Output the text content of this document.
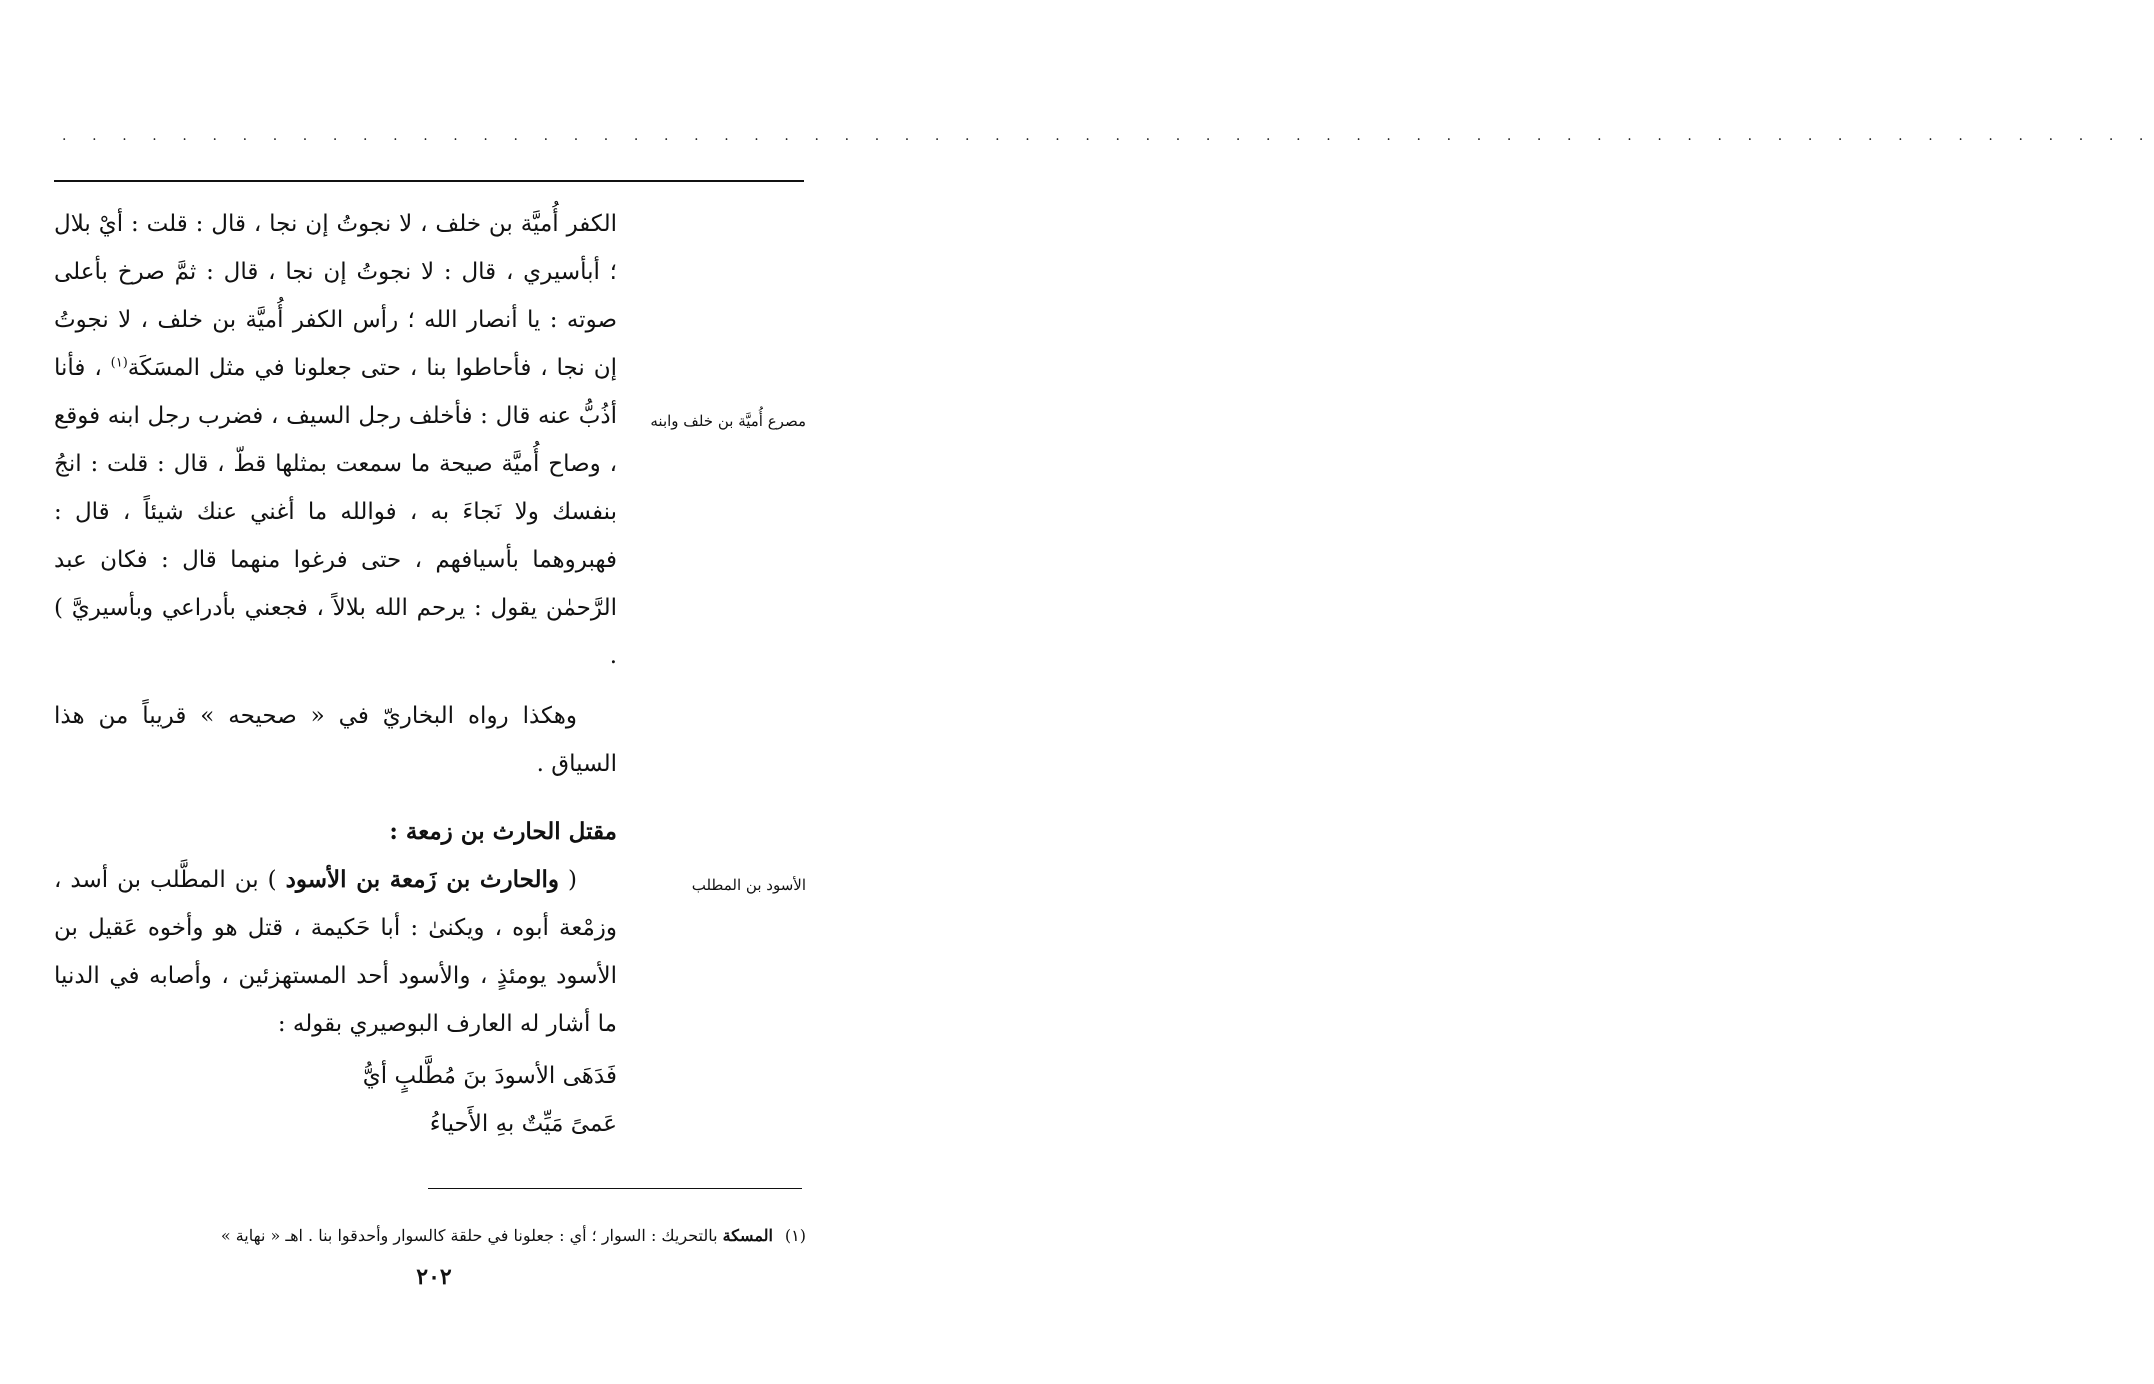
. . . . . . . . . . . . . . . . . . . . . . . . . . . . . . . . . . . . . . . . . . . . . . . . . . . . . . . . . . . . . . . . . . . . . .
مصرع أُميَّة بن خلف وابنه
الأسود بن المطلب

الكفر أُميَّة بن خلف ، لا نجوتُ إن نجا ، قال : قلت : أيْ بلال ؛ أبأسيري ، قال : لا نجوتُ إن نجا ، قال : ثمَّ صرخ بأعلى صوته : يا أنصار الله ؛ رأس الكفر أُميَّة بن خلف ، لا نجوتُ إن نجا ، فأحاطوا بنا ، حتى جعلونا في مثل المسَكَة$^{(١)}$ ، فأنا أذُبُّ عنه قال : فأخلف رجل السيف ، فضرب رجل ابنه فوقع ، وصاح أُميَّة صيحة ما سمعت بمثلها قطّ ، قال : قلت : انجُ بنفسك ولا نَجاءَ به ، فوالله ما أغني عنك شيئاً ، قال : فهبروهما بأسيافهم ، حتى فرغوا منهما قال : فكان عبد الرَّحمٰن يقول : يرحم الله بلالاً ، فجعني بأدراعي وبأسيريَّ ) .

وهكذا رواه البخاريّ في « صحيحه » قريباً من هذا السياق .

مقتل الحارث بن زمعة :

( والحارث بن زَمعة بن الأسود ) بن المطَّلب بن أسد ، وزمْعة أبوه ، ويكنىٰ : أبا حَكيمة ، قتل هو وأخوه عَقيل بن الأسود يومئذٍ ، والأسود أحد المستهزئين ، وأصابه في الدنيا ما أشار له العارف البوصيري بقوله :

فَدَهَى الأسودَ بنَ مُطَّلبٍ أيُّ

عَمىً مَيِّتٌ بهِ الأَحياءُ

(١)المسكة بالتحريك : السوار ؛ أي : جعلونا في حلقة كالسوار وأحدقوا بنا . اهـ « نهاية »
٢٠٢
